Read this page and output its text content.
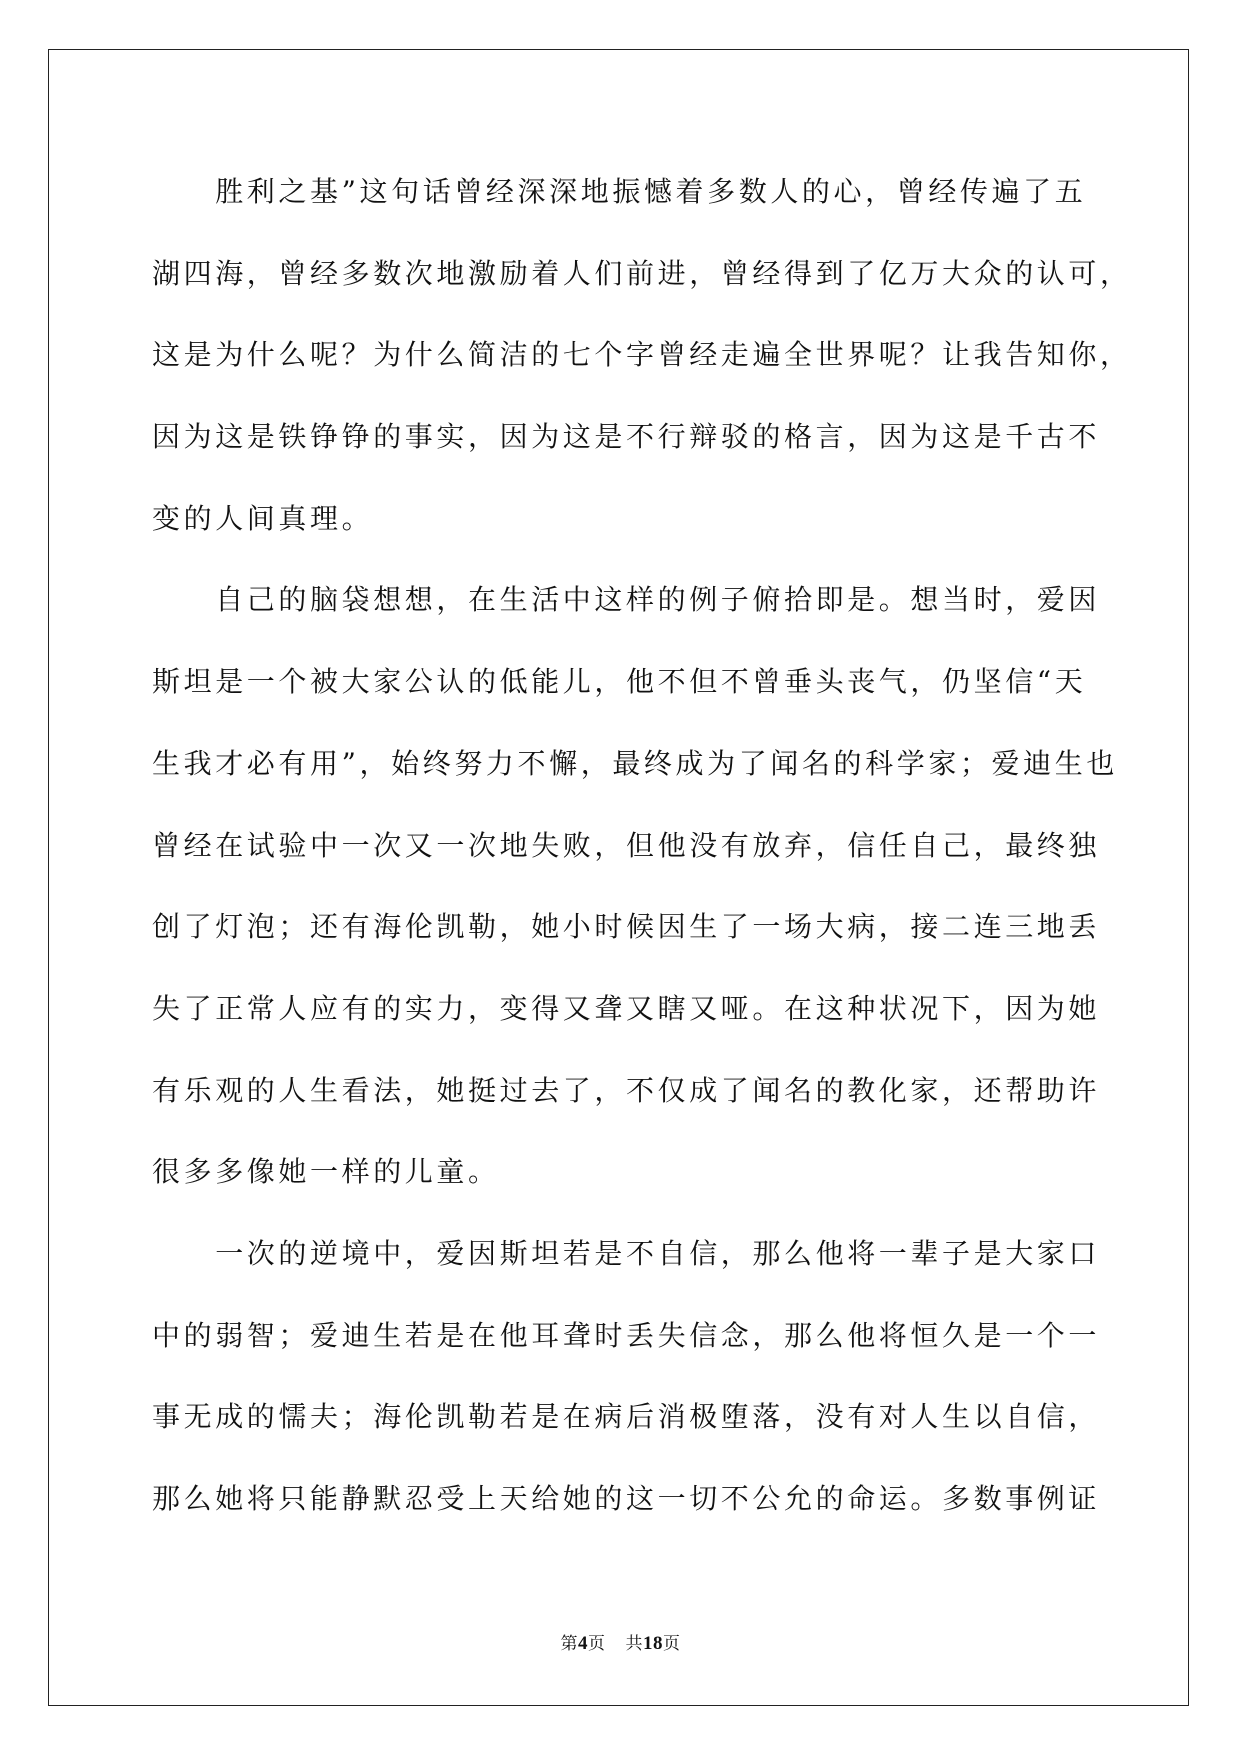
　　胜利之基”这句话曾经深深地振憾着多数人的心，曾经传遍了五
湖四海，曾经多数次地激励着人们前进，曾经得到了亿万大众的认可，
这是为什么呢？为什么简洁的七个字曾经走遍全世界呢？让我告知你，
因为这是铁铮铮的事实，因为这是不行辩驳的格言，因为这是千古不
变的人间真理。
　　自己的脑袋想想，在生活中这样的例子俯拾即是。想当时，爱因
斯坦是一个被大家公认的低能儿，他不但不曾垂头丧气，仍坚信“天
生我才必有用”，始终努力不懈，最终成为了闻名的科学家；爱迪生也
曾经在试验中一次又一次地失败，但他没有放弃，信任自己，最终独
创了灯泡；还有海伦凯勒，她小时候因生了一场大病，接二连三地丢
失了正常人应有的实力，变得又聋又瞎又哑。在这种状况下，因为她
有乐观的人生看法，她挺过去了，不仅成了闻名的教化家，还帮助许
很多多像她一样的儿童。
　　一次的逆境中，爱因斯坦若是不自信，那么他将一辈子是大家口
中的弱智；爱迪生若是在他耳聋时丢失信念，那么他将恒久是一个一
事无成的懦夫；海伦凯勒若是在病后消极堕落，没有对人生以自信，
那么她将只能静默忍受上天给她的这一切不公允的命运。多数事例证
第4页 共18页
